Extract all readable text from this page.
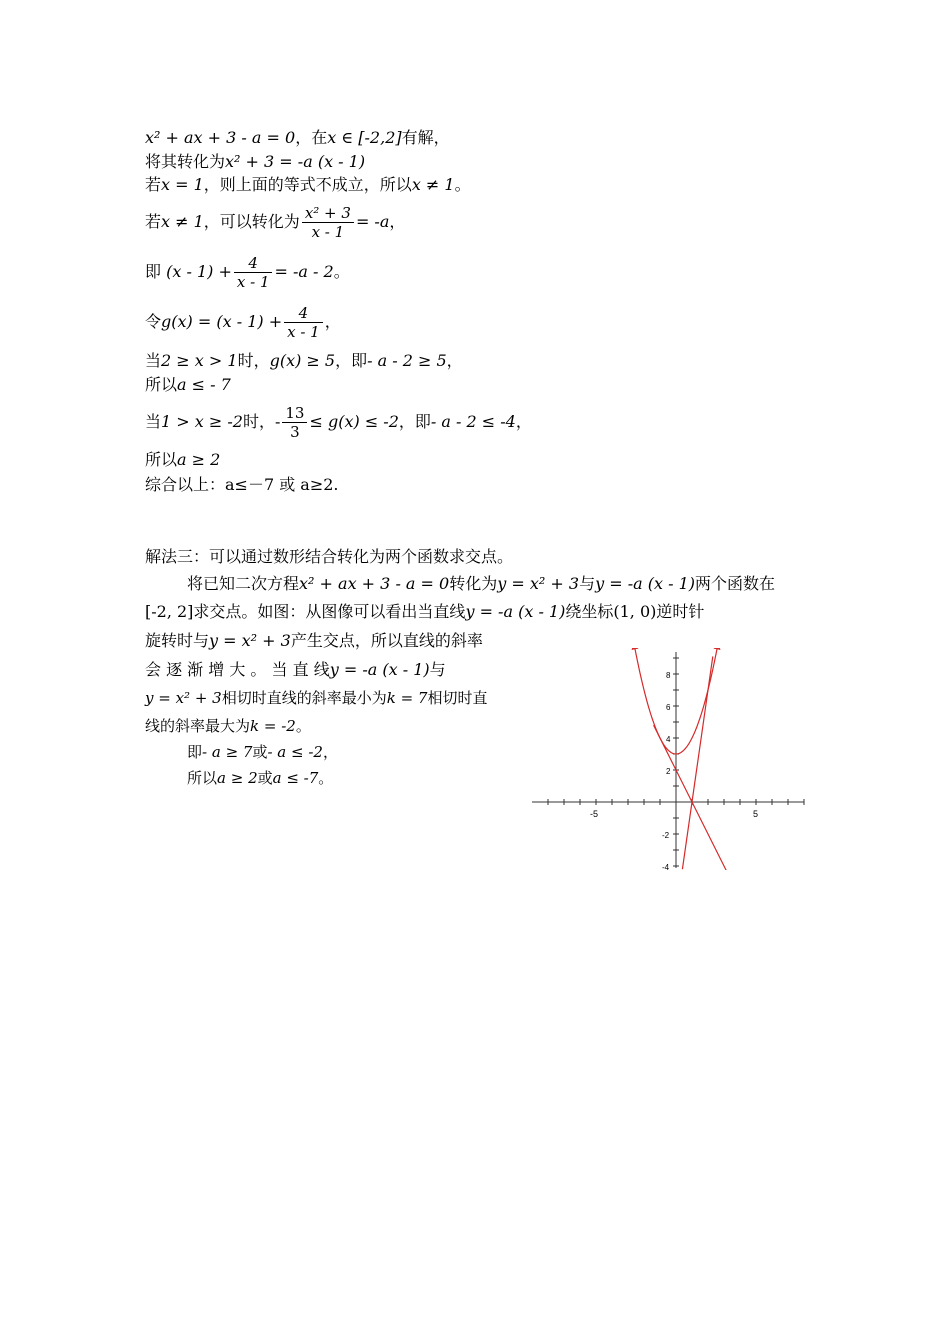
x² + ax + 3 - a = 0，在x ∈ [-2,2]有解，
将其转化为x² + 3 = -a (x - 1)
若x = 1，则上面的等式不成立，所以x ≠ 1。
若x ≠ 1，可以转化为 $\frac{\text{x² + 3}}{x - 1} = -a$，
即 $(x - 1) + \frac{4}{x - 1} = -a - 2$。
令$g(x) = (x - 1) + \frac{4}{x - 1}$ ，
当2 ≥ x > 1时，g(x) ≥ 5，即- a - 2 ≥ 5，
所以a ≤ - 7
当1 > x ≥ -2时，- $\frac{13}{3} \le g(x) \le -2$，即- a - 2 ≤ -4，
所以a ≥ 2
综合以上：a≤－7 或 a≥2.
解法三：可以通过数形结合转化为两个函数求交点。
将已知二次方程x² + ax + 3 - a = 0转化为y = x² + 3与y = -a (x - 1)两个函数在
[-2, 2]求交点。如图：从图像可以看出当直线y = -a (x - 1)绕坐标(1, 0)逆时针
旋转时与y = x² + 3产生交点，所以直线的斜率
会 逐 渐 增 大 。 当 直 线y = -a (x - 1)与
y = x² + 3相切时直线的斜率最小为k = 7相切时直
线的斜率最大为k = -2。
即- a ≥ 7或- a ≤ -2，
所以a ≥ 2或a ≤ -7。
-5	5
8
6
4
2
-2
-4
